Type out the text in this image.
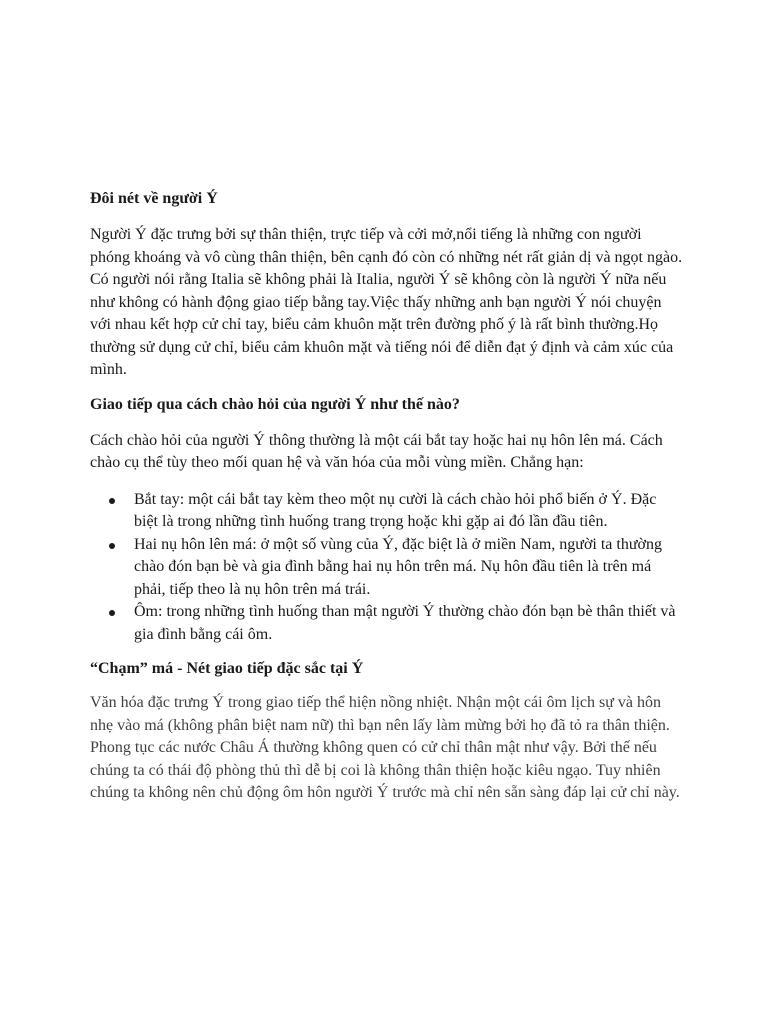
Đôi nét về người Ý

Người Ý đặc trưng bởi sự thân thiện, trực tiếp và cởi mở,nổi tiếng là những con người phóng khoáng và vô cùng thân thiện, bên cạnh đó còn có những nét rất giản dị và ngọt ngào. Có người nói rằng Italia sẽ không phải là Italia, người Ý sẽ không còn là người Ý nữa nếu như không có hành động giao tiếp bằng tay.Việc thấy những anh bạn người Ý nói chuyện với nhau kết hợp cử chỉ tay, biểu cảm khuôn mặt trên đường phố ý là rất bình thường.Họ thường sử dụng cử chỉ, biểu cảm khuôn mặt và tiếng nói để diễn đạt ý định và cảm xúc của mình.

Giao tiếp qua cách chào hỏi của người Ý như thế nào?

Cách chào hỏi của người Ý thông thường là một cái bắt tay hoặc hai nụ hôn lên má. Cách chào cụ thể tùy theo mối quan hệ và văn hóa của mỗi vùng miền. Chẳng hạn:

Bắt tay: một cái bắt tay kèm theo một nụ cười là cách chào hỏi phổ biến ở Ý. Đặc biệt là trong những tình huống trang trọng hoặc khi gặp ai đó lần đầu tiên.
Hai nụ hôn lên má: ở một số vùng của Ý, đặc biệt là ở miền Nam, người ta thường chào đón bạn bè và gia đình bằng hai nụ hôn trên má. Nụ hôn đầu tiên là trên má phải, tiếp theo là nụ hôn trên má trái.
Ôm: trong những tình huống than mật người Ý thường chào đón bạn bè thân thiết và gia đình bằng cái ôm.
“Chạm” má - Nét giao tiếp đặc sắc tại Ý

Văn hóa đặc trưng Ý trong giao tiếp thể hiện nồng nhiệt. Nhận một cái ôm lịch sự và hôn nhẹ vào má (không phân biệt nam nữ) thì bạn nên lấy làm mừng bởi họ đã tỏ ra thân thiện. Phong tục các nước Châu Á thường không quen có cử chỉ thân mật như vậy. Bởi thế nếu chúng ta có thái độ phòng thủ thì dễ bị coi là không thân thiện hoặc kiêu ngạo. Tuy nhiên chúng ta không nên chủ động ôm hôn người Ý trước mà chỉ nên sẵn sàng đáp lại cử chỉ này.
